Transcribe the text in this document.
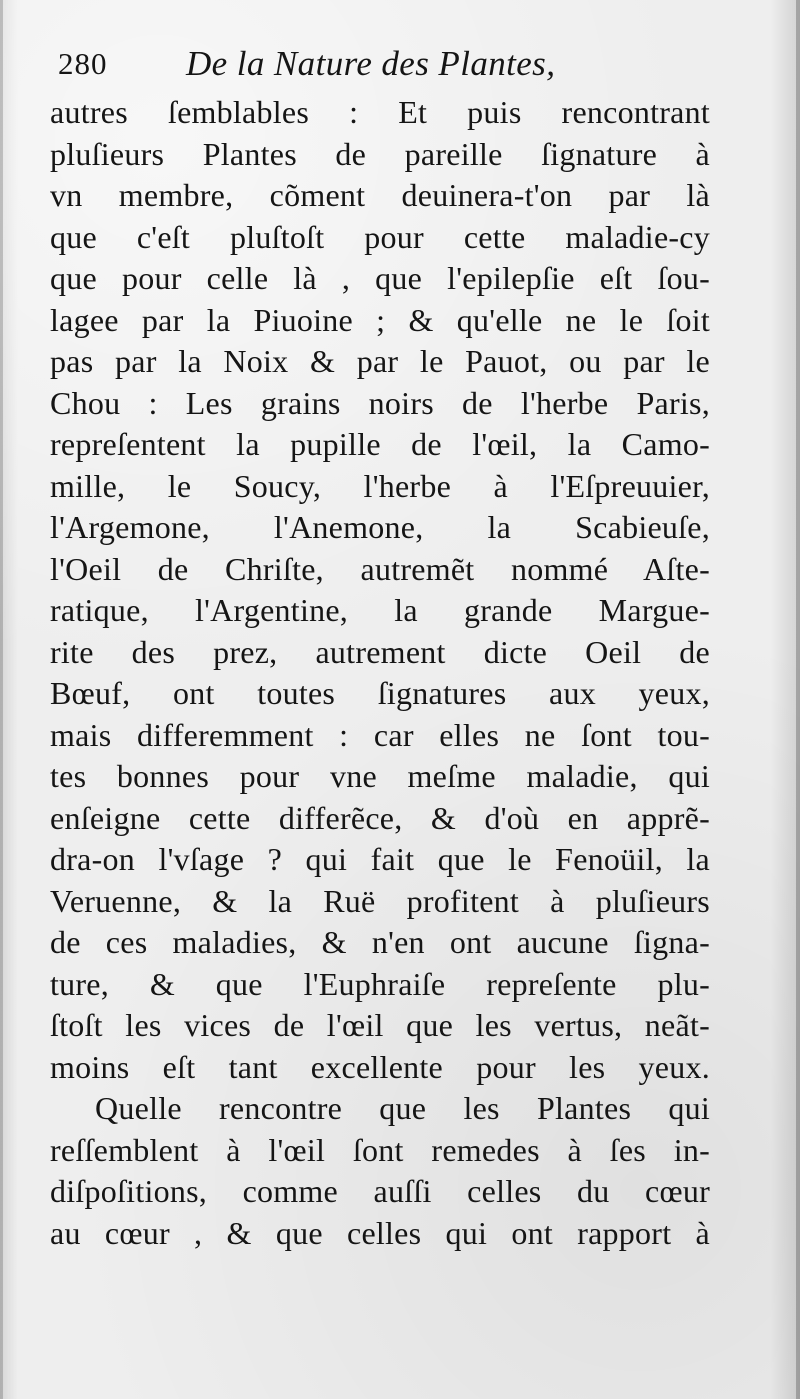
280 De la Nature des Plantes,
autres ſemblables : Et puis rencontrant
pluſieurs Plantes de pareille ſignature à
vn membre, cõment deuinera-t'on par là
que c'eſt pluſtoſt pour cette maladie-cy
que pour celle là , que l'epilepſie eſt ſou-
lagee par la Piuoine ; & qu'elle ne le ſoit
pas par la Noix & par le Pauot, ou par le
Chou : Les grains noirs de l'herbe Paris,
repreſentent la pupille de l'œil, la Camo-
mille, le Soucy, l'herbe à l'Eſpreuuier,
l'Argemone, l'Anemone, la Scabieuſe,
l'Oeil de Chriſte, autremẽt nommé Aſte-
ratique, l'Argentine, la grande Margue-
rite des prez, autrement dicte Oeil de
Bœuf, ont toutes ſignatures aux yeux,
mais differemment : car elles ne ſont tou-
tes bonnes pour vne meſme maladie, qui
enſeigne cette differẽce, & d'où en apprẽ-
dra-on l'vſage ? qui fait que le Fenoüil, la
Veruenne, & la Ruë profitent à pluſieurs
de ces maladies, & n'en ont aucune ſigna-
ture, & que l'Euphraiſe repreſente plu-
ſtoſt les vices de l'œil que les vertus, neãt-
moins eſt tant excellente pour les yeux.
Quelle rencontre que les Plantes qui
reſſemblent à l'œil ſont remedes à ſes in-
diſpoſitions, comme auſſi celles du cœur
au cœur , & que celles qui ont rapport à
